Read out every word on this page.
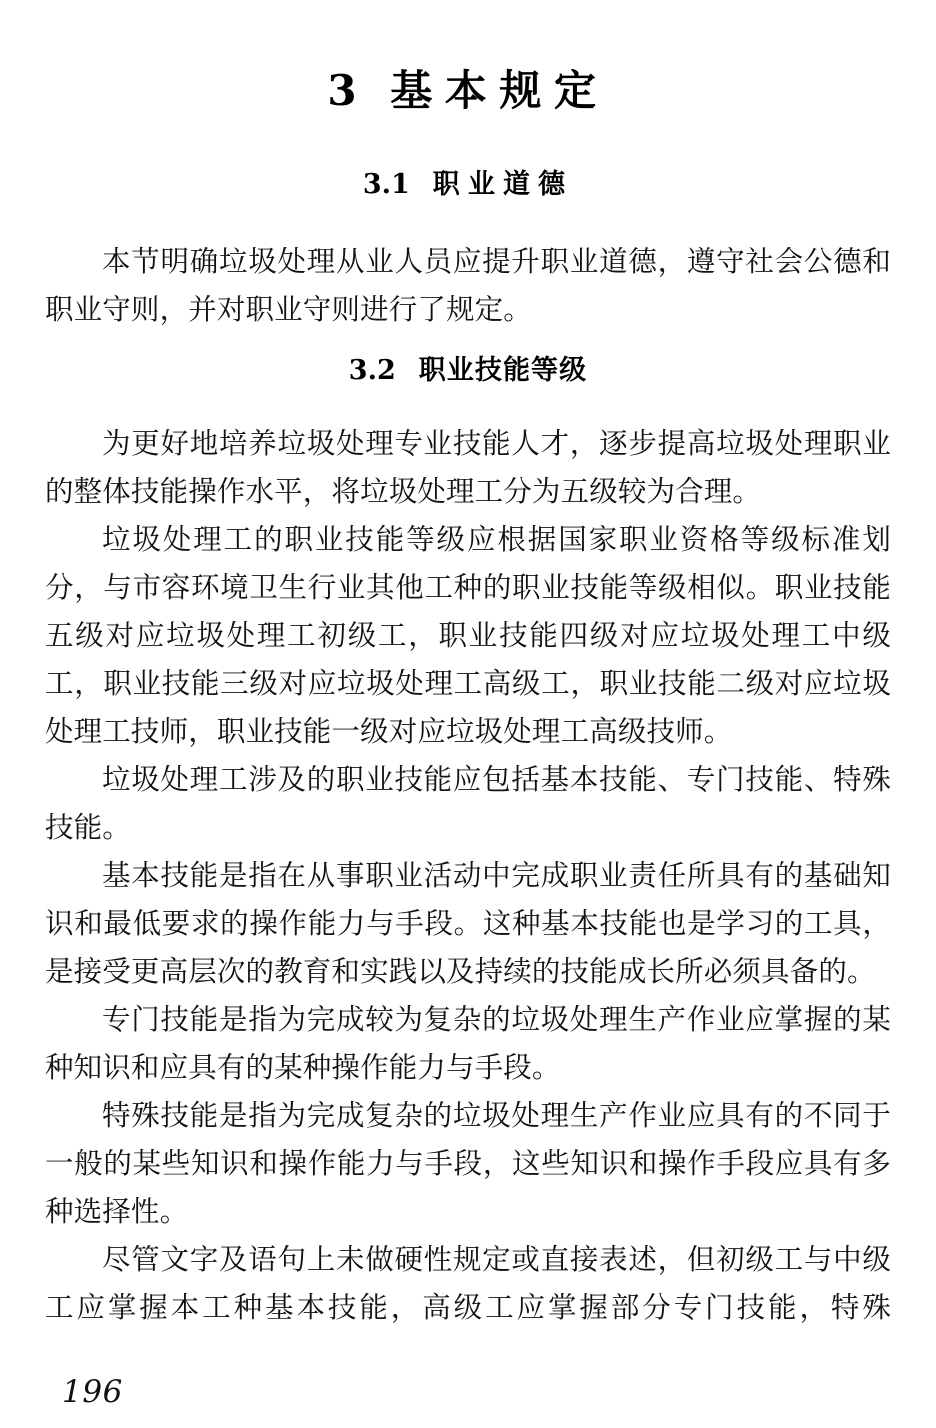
3 基本规定
3.1 职业道德

本节明确垃圾处理从业人员应提升职业道德，遵守社会公德和职业守则，并对职业守则进行了规定。

3.2 职业技能等级

为更好地培养垃圾处理专业技能人才，逐步提高垃圾处理职业的整体技能操作水平，将垃圾处理工分为五级较为合理。

垃圾处理工的职业技能等级应根据国家职业资格等级标准划分，与市容环境卫生行业其他工种的职业技能等级相似。职业技能五级对应垃圾处理工初级工，职业技能四级对应垃圾处理工中级工，职业技能三级对应垃圾处理工高级工，职业技能二级对应垃圾处理工技师，职业技能一级对应垃圾处理工高级技师。

垃圾处理工涉及的职业技能应包括基本技能、专门技能、特殊技能。

基本技能是指在从事职业活动中完成职业责任所具有的基础知识和最低要求的操作能力与手段。这种基本技能也是学习的工具，是接受更高层次的教育和实践以及持续的技能成长所必须具备的。

专门技能是指为完成较为复杂的垃圾处理生产作业应掌握的某种知识和应具有的某种操作能力与手段。

特殊技能是指为完成复杂的垃圾处理生产作业应具有的不同于一般的某些知识和操作能力与手段，这些知识和操作手段应具有多种选择性。

尽管文字及语句上未做硬性规定或直接表述，但初级工与中级工应掌握本工种基本技能，高级工应掌握部分专门技能，特殊

196
